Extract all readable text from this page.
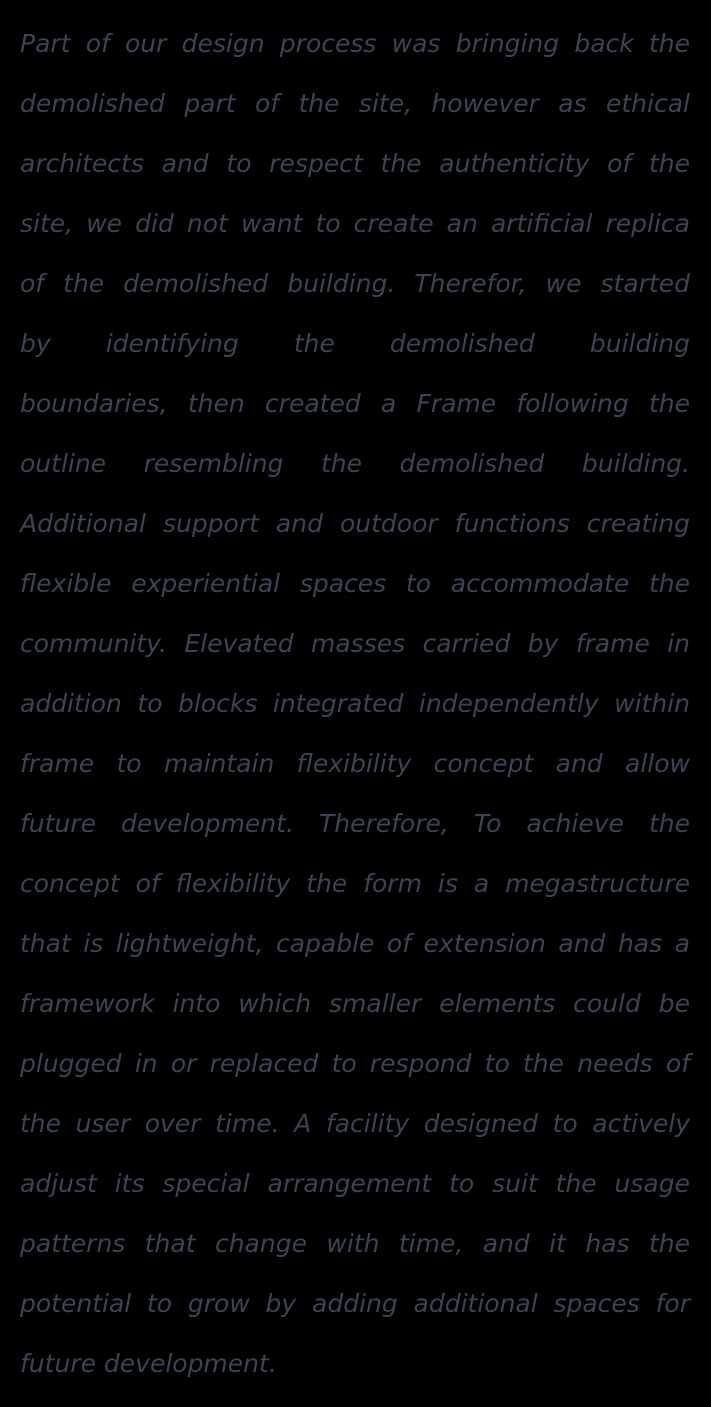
Part of our design process was bringing back the
demolished part of the site, however as ethical
architects and to respect the authenticity of the
site, we did not want to create an artificial replica
of the demolished building. Therefor, we started
by identifying the demolished building
boundaries, then created a Frame following the
outline resembling the demolished building.
Additional support and outdoor functions creating
flexible experiential spaces to accommodate the
community. Elevated masses carried by frame in
addition to blocks integrated independently within
frame to maintain flexibility concept and allow
future development. Therefore, To achieve the
concept of flexibility the form is a megastructure
that is lightweight, capable of extension and has a
framework into which smaller elements could be
plugged in or replaced to respond to the needs of
the user over time. A facility designed to actively
adjust its special arrangement to suit the usage
patterns that change with time, and it has the
potential to grow by adding additional spaces for
future development.
